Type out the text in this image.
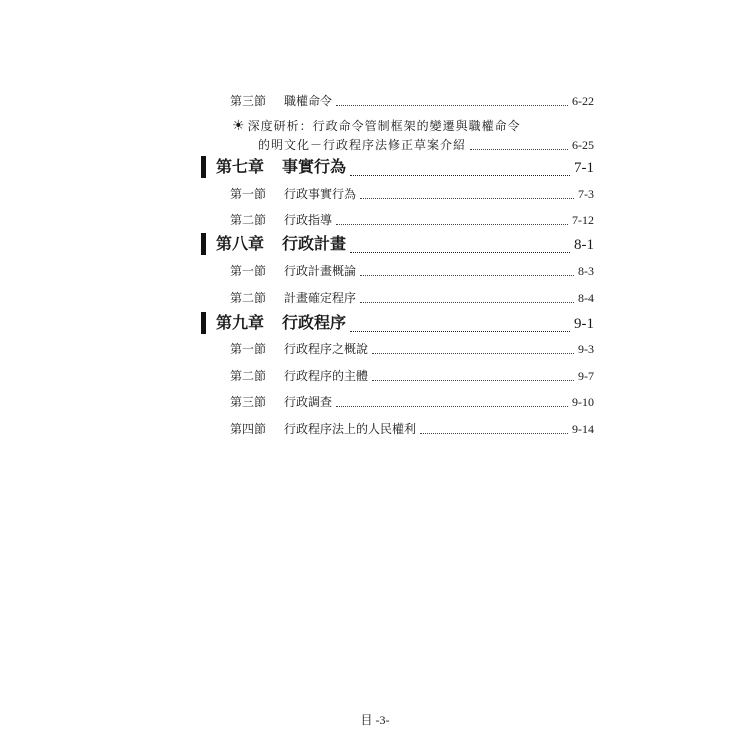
第三節	職權命令	6-22
☀ 深度研析：行政命令管制框架的變遷與職權命令
的明文化－行政程序法修正草案介紹	6-25
第七章	事實行為	7-1
第一節	行政事實行為	7-3
第二節	行政指導	7-12
第八章	行政計畫	8-1
第一節	行政計畫概論	8-3
第二節	計畫確定程序	8-4
第九章	行政程序	9-1
第一節	行政程序之概說	9-3
第二節	行政程序的主體	9-7
第三節	行政調查	9-10
第四節	行政程序法上的人民權利	9-14
目 -3-
